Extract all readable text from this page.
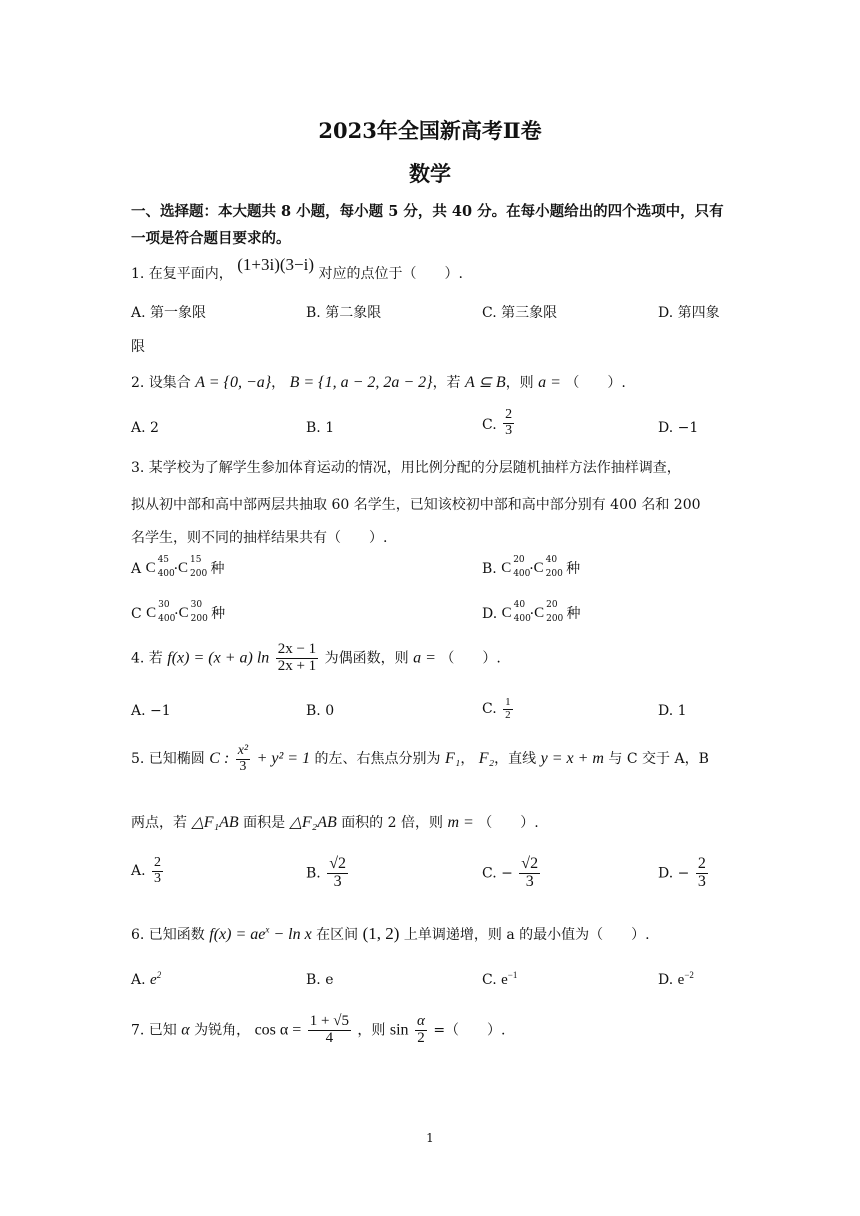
2023年全国新高考Ⅱ卷
数学
一、选择题：本大题共 8 小题，每小题 5 分，共 40 分。在每小题给出的四个选项中，只有
一项是符合题目要求的。
1. 在复平面内， (1+3i)(3−i) 对应的点位于（　　）.
A. 第一象限	B. 第二象限	C. 第三象限	D. 第四象
限
2. 设集合 A = {0, −a}， B = {1, a − 2, 2a − 2}，若 A ⊆ B，则 a = （　　）.
A. 2	B. 1	C. $\frac{2}{3}$	D. −1
3. 某学校为了解学生参加体育运动的情况，用比例分配的分层随机抽样方法作抽样调查，
拟从初中部和高中部两层共抽取 60 名学生，已知该校初中部和高中部分别有 400 名和 200
名学生，则不同的抽样结果共有（　　）.
A C 45
400
· C 15
200 种	B. C 20
400
· C 40
200 种
C C 30
400
· C 30
200 种	D. C 40
400
· C 20
200 种
4. 若 f(x) = (x + a) $\ln \frac{2x - 1}{2x + 1}$ 为偶函数，则 a = （　　）.
A. −1	B. 0	C. $\frac{1}{2}$	D. 1
5. 已知椭圆 C : $\frac{\text{x²}}{3} + y^2 = 1$ 的左、右焦点分别为 F₁， F₂，直线 y = x + m 与 C 交于 A，B
两点，若 △F₁AB 面积是 △F₂AB 面积的 2 倍，则 m = （　　）.
A. $\frac{2}{3}$	B. $\frac{√2}{3}$	C. − $\frac{√2}{3}$	D. − $\frac{2}{3}$
6. 已知函数 $f(x) = ae^x - \ln x$ 在区间 (1, 2) 上单调递增，则 a 的最小值为（　　）.
A. $e^2$	B. e	C. $e^{-1}$	D. $e^{-2}$
7. 已知 α 为锐角， $\cos \alpha = \frac{1 + √5}{4}$ ，则 $\sin \frac{\alpha}{2}$ =（　　）.
1
